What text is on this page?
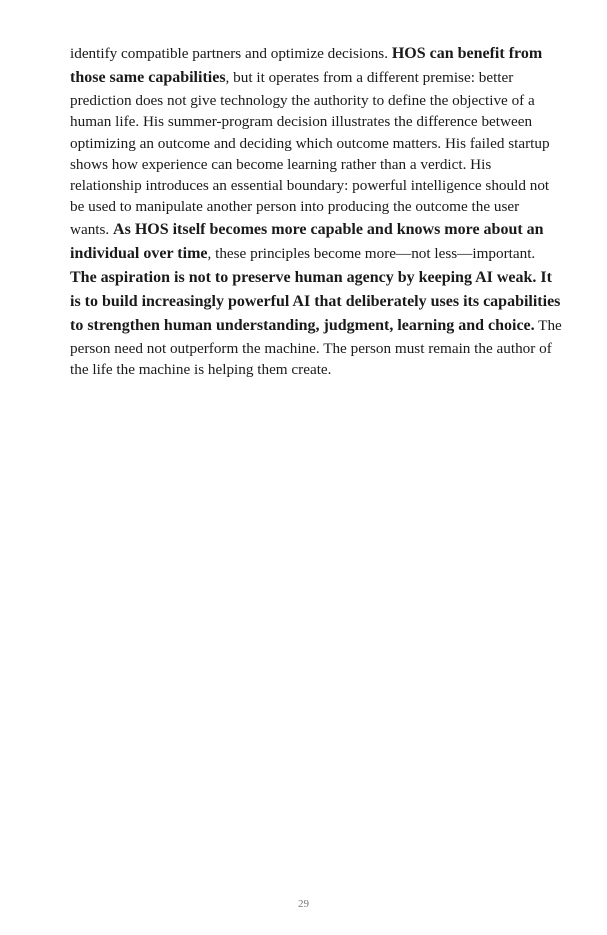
identify compatible partners and optimize decisions. HOS can benefit from those same capabilities, but it operates from a different premise: better prediction does not give technology the authority to define the objective of a human life. His summer-program decision illustrates the difference between optimizing an outcome and deciding which outcome matters. His failed startup shows how experience can become learning rather than a verdict. His relationship introduces an essential boundary: powerful intelligence should not be used to manipulate another person into producing the outcome the user wants. As HOS itself becomes more capable and knows more about an individual over time, these principles become more—not less—important. The aspiration is not to preserve human agency by keeping AI weak. It is to build increasingly powerful AI that deliberately uses its capabilities to strengthen human understanding, judgment, learning and choice. The person need not outperform the machine. The person must remain the author of the life the machine is helping them create.

29
